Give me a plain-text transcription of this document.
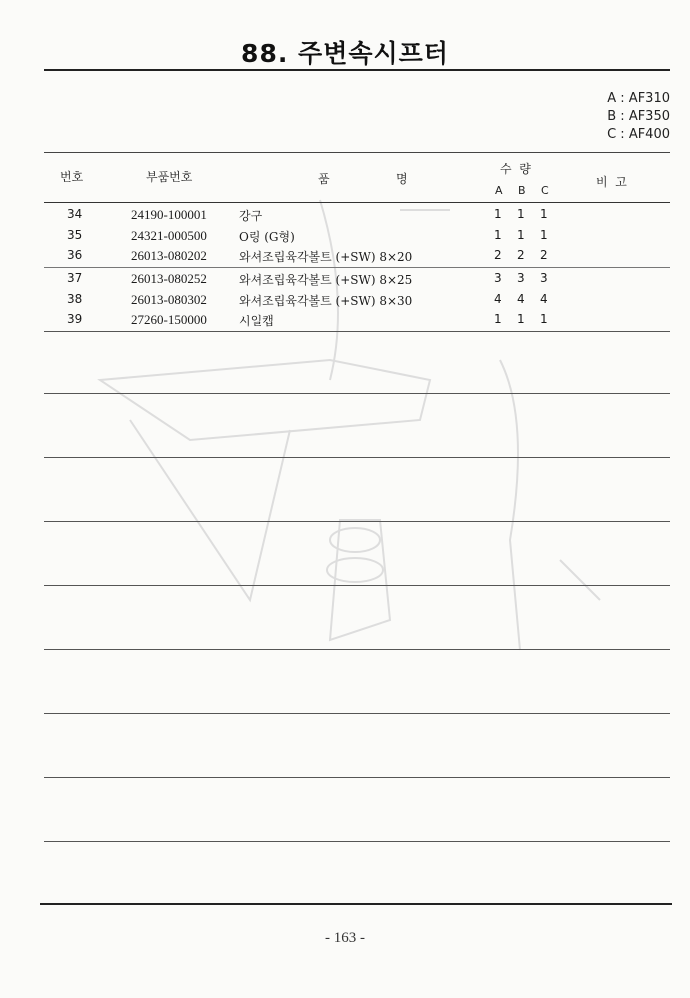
88. 주변속시프터
A : AF310
B : AF350
C : AF400
번호	부품번호	품	명
수  량
A B C
비  고
34	24190-100001	강구	1 1 1
35	24321-000500	O링 (G형)	1 1 1
36	26013-080202	와셔조립육각볼트 (+SW) 8×20	2 2 2
37	26013-080252	와셔조립육각볼트 (+SW) 8×25	3 3 3
38	26013-080302	와셔조립육각볼트 (+SW) 8×30	4 4 4
39	27260-150000	시일캡	1 1 1
- 163 -
